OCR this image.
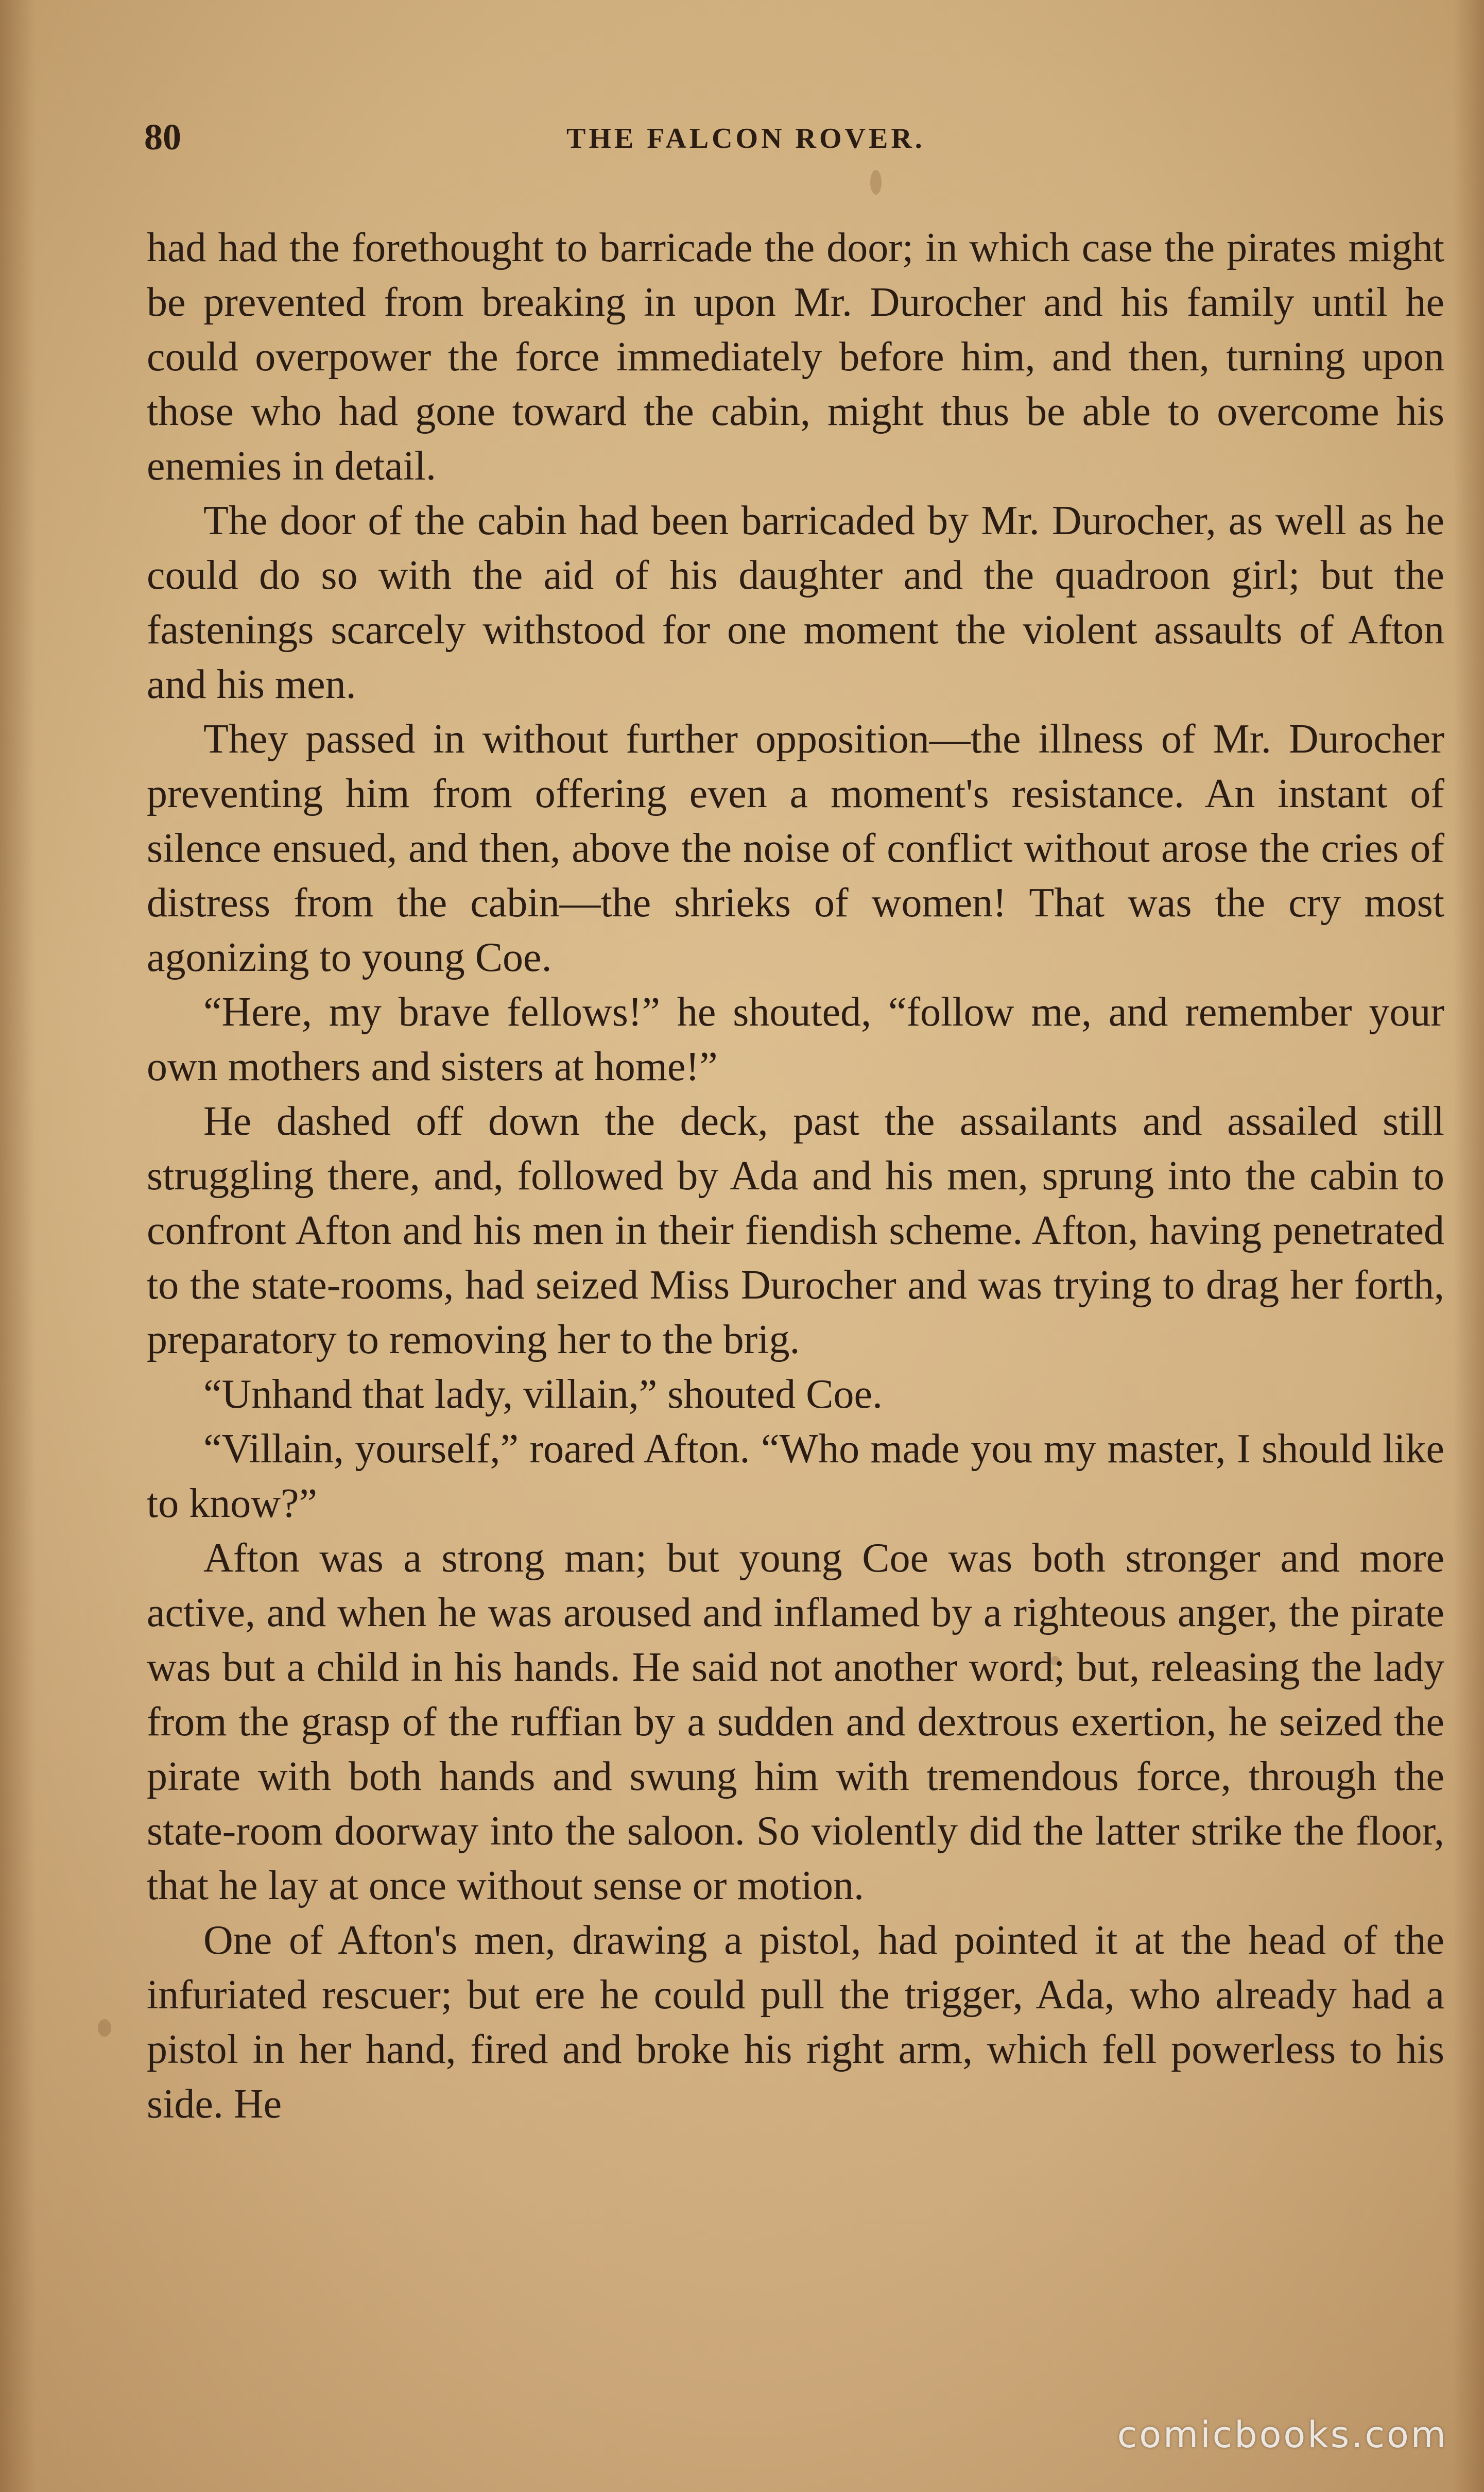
80	THE FALCON ROVER.

had had the forethought to barricade the door; in which case the pirates might be prevented from breaking in upon Mr. Durocher and his family until he could overpower the force immediately before him, and then, turning upon those who had gone toward the cabin, might thus be able to overcome his enemies in detail.

The door of the cabin had been barricaded by Mr. Durocher, as well as he could do so with the aid of his daughter and the quadroon girl; but the fastenings scarcely withstood for one moment the violent assaults of Afton and his men.

They passed in without further opposition—the illness of Mr. Durocher preventing him from offering even a moment's resistance. An instant of silence ensued, and then, above the noise of conflict without arose the cries of distress from the cabin—the shrieks of women! That was the cry most agonizing to young Coe.

“Here, my brave fellows!” he shouted, “follow me, and remember your own mothers and sisters at home!”

He dashed off down the deck, past the assailants and assailed still struggling there, and, followed by Ada and his men, sprung into the cabin to confront Afton and his men in their fiendish scheme. Afton, having penetrated to the state-rooms, had seized Miss Durocher and was trying to drag her forth, preparatory to removing her to the brig.

“Unhand that lady, villain,” shouted Coe.

“Villain, yourself,” roared Afton. “Who made you my master, I should like to know?”

Afton was a strong man; but young Coe was both stronger and more active, and when he was aroused and inflamed by a righteous anger, the pirate was but a child in his hands. He said not another word; but, releasing the lady from the grasp of the ruffian by a sudden and dextrous exertion, he seized the pirate with both hands and swung him with tremendous force, through the state-room doorway into the saloon. So violently did the latter strike the floor, that he lay at once without sense or motion.

One of Afton's men, drawing a pistol, had pointed it at the head of the infuriated rescuer; but ere he could pull the trigger, Ada, who already had a pistol in her hand, fired and broke his right arm, which fell powerless to his side. He

comicbooks.com
